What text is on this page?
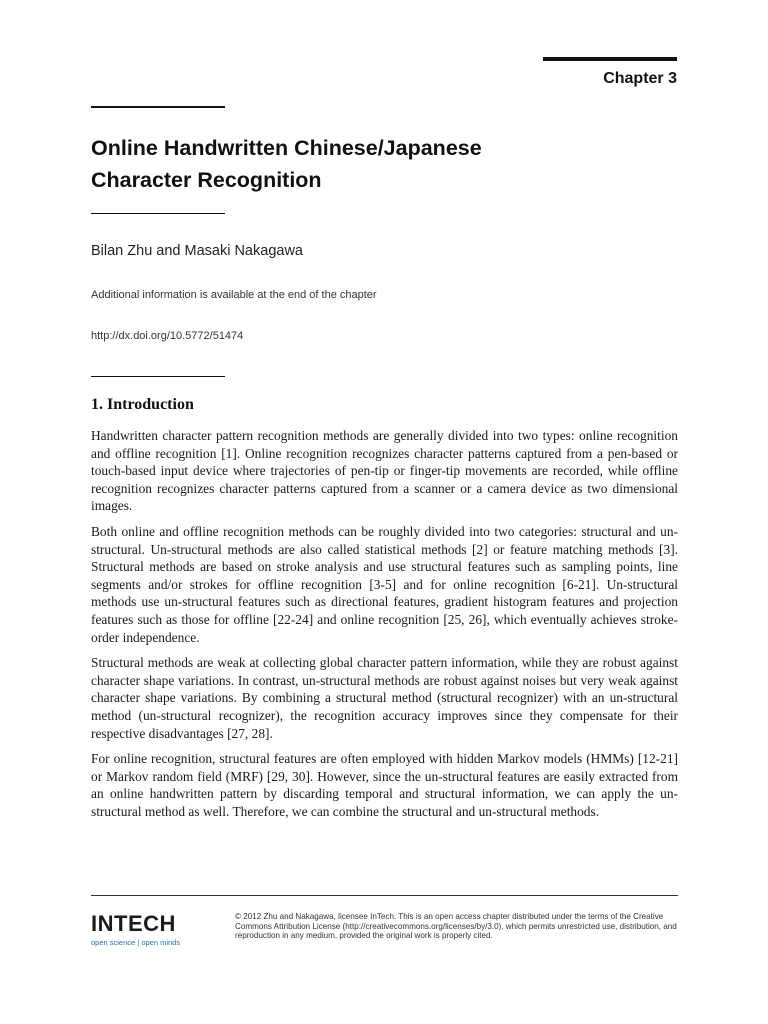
Chapter 3
Online Handwritten Chinese/Japanese
Character Recognition
Bilan Zhu and Masaki Nakagawa
Additional information is available at the end of the chapter
http://dx.doi.org/10.5772/51474
1. Introduction

Handwritten character pattern recognition methods are generally divided into two types: online recognition and offline recognition [1]. Online recognition recognizes character patterns captured from a pen-based or touch-based input device where trajectories of pen-tip or finger-tip movements are recorded, while offline recognition recognizes character patterns captured from a scanner or a camera device as two dimensional images.

Both online and offline recognition methods can be roughly divided into two categories: structural and un-structural. Un-structural methods are also called statistical methods [2] or feature matching methods [3]. Structural methods are based on stroke analysis and use structural features such as sampling points, line segments and/or strokes for offline recognition [3-5] and for online recognition [6-21]. Un-structural methods use un-structural features such as directional features, gradient histogram features and projection features such as those for offline [22-24] and online recognition [25, 26], which eventually achieves stroke-order independence.

Structural methods are weak at collecting global character pattern information, while they are robust against character shape variations. In contrast, un-structural methods are robust against noises but very weak against character shape variations. By combining a structural method (structural recognizer) with an un-structural method (un-structural recognizer), the recognition accuracy improves since they compensate for their respective disadvantages [27, 28].

For online recognition, structural features are often employed with hidden Markov models (HMMs) [12-21] or Markov random field (MRF) [29, 30]. However, since the un-structural features are easily extracted from an online handwritten pattern by discarding temporal and structural information, we can apply the un-structural method as well. Therefore, we can combine the structural and un-structural methods.

INTECH
open science | open minds
© 2012 Zhu and Nakagawa, licensee InTech. This is an open access chapter distributed under the terms of the Creative Commons Attribution License (http://creativecommons.org/licenses/by/3.0), which permits unrestricted use, distribution, and reproduction in any medium, provided the original work is properly cited.
